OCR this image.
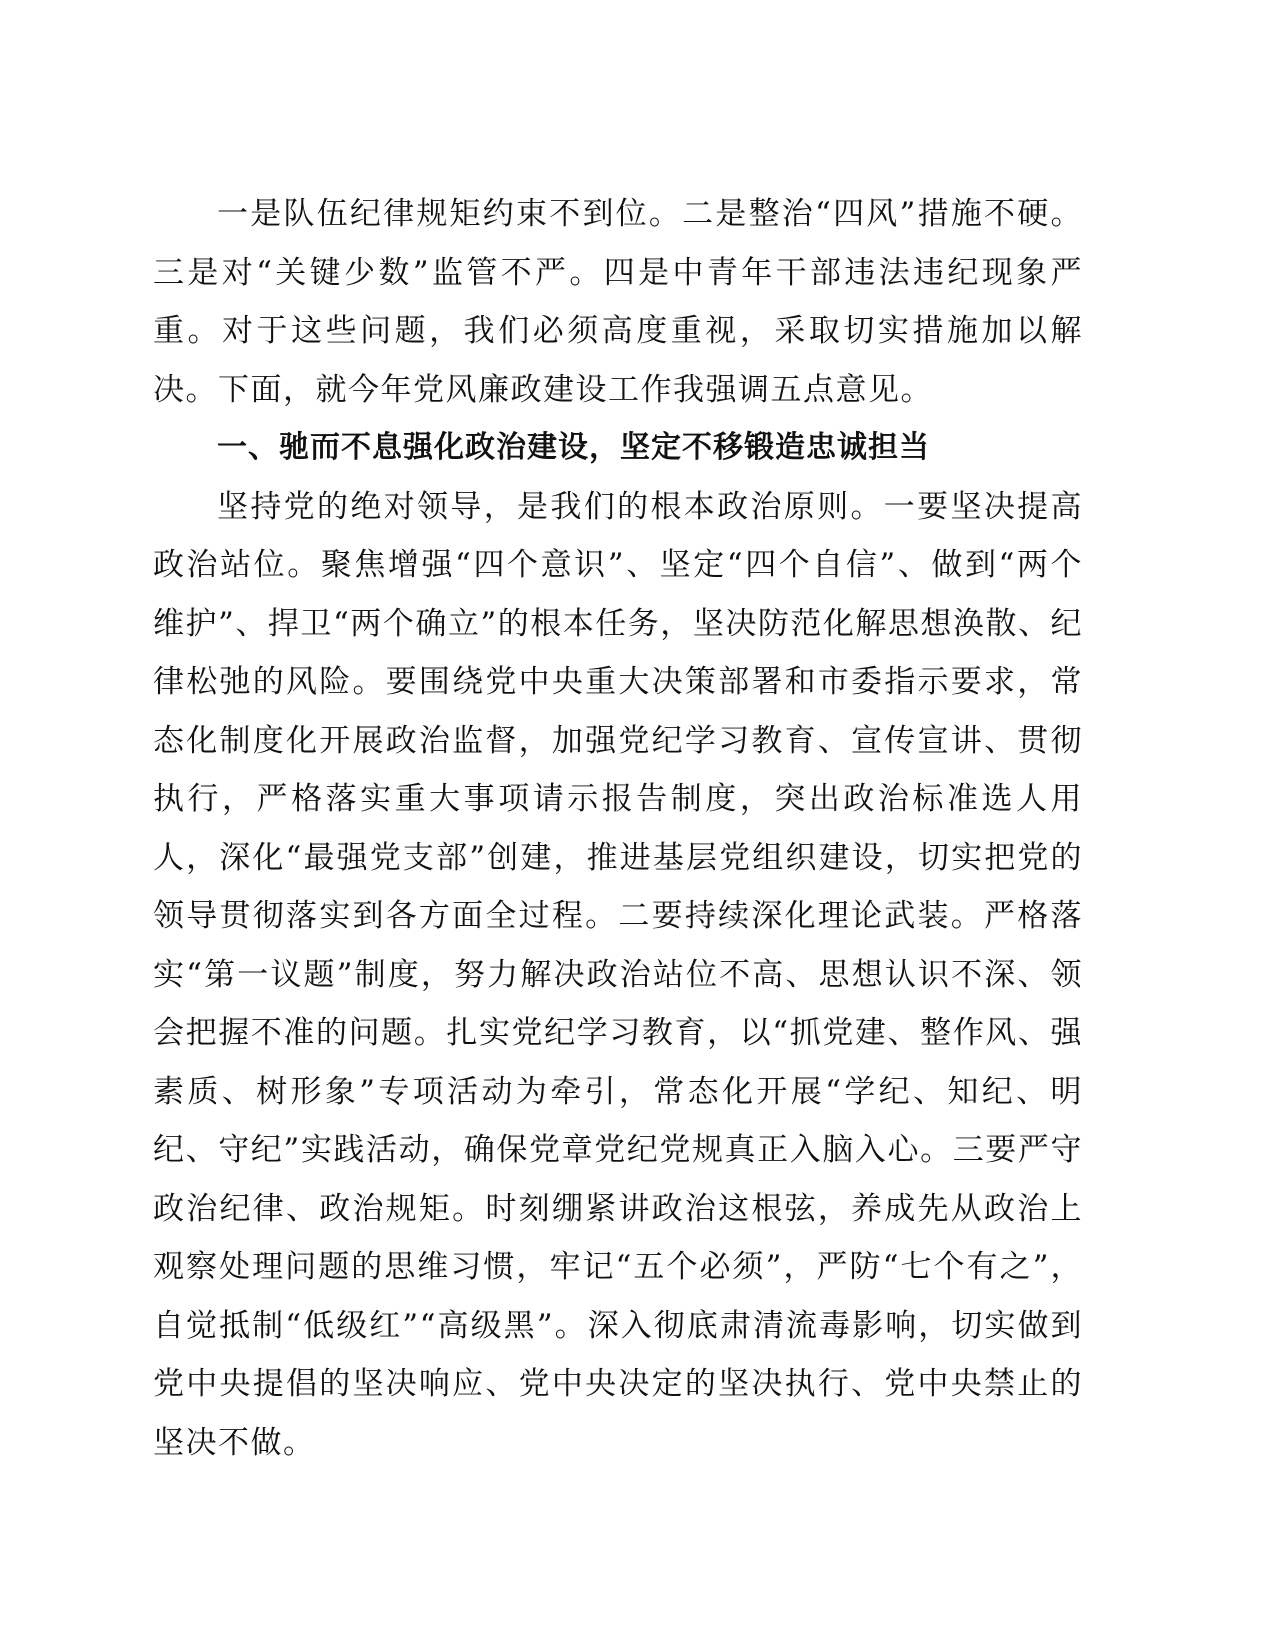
一是队伍纪律规矩约束不到位。二是整治“四风”措施不硬。三是对“关键少数”监管不严。四是中青年干部违法违纪现象严重。对于这些问题，我们必须高度重视，采取切实措施加以解决。下面，就今年党风廉政建设工作我强调五点意见。

一、驰而不息强化政治建设，坚定不移锻造忠诚担当

坚持党的绝对领导，是我们的根本政治原则。一要坚决提高政治站位。聚焦增强“四个意识”、坚定“四个自信”、做到“两个维护”、捍卫“两个确立”的根本任务，坚决防范化解思想涣散、纪律松弛的风险。要围绕党中央重大决策部署和市委指示要求，常态化制度化开展政治监督，加强党纪学习教育、宣传宣讲、贯彻执行，严格落实重大事项请示报告制度，突出政治标准选人用人，深化“最强党支部”创建，推进基层党组织建设，切实把党的领导贯彻落实到各方面全过程。二要持续深化理论武装。严格落实“第一议题”制度，努力解决政治站位不高、思想认识不深、领会把握不准的问题。扎实党纪学习教育，以“抓党建、整作风、强素质、树形象”专项活动为牵引，常态化开展“学纪、知纪、明纪、守纪”实践活动，确保党章党纪党规真正入脑入心。三要严守政治纪律、政治规矩。时刻绷紧讲政治这根弦，养成先从政治上观察处理问题的思维习惯，牢记“五个必须”，严防“七个有之”，自觉抵制“低级红”“高级黑”。深入彻底肃清流毒影响，切实做到党中央提倡的坚决响应、党中央决定的坚决执行、党中央禁止的坚决不做。
